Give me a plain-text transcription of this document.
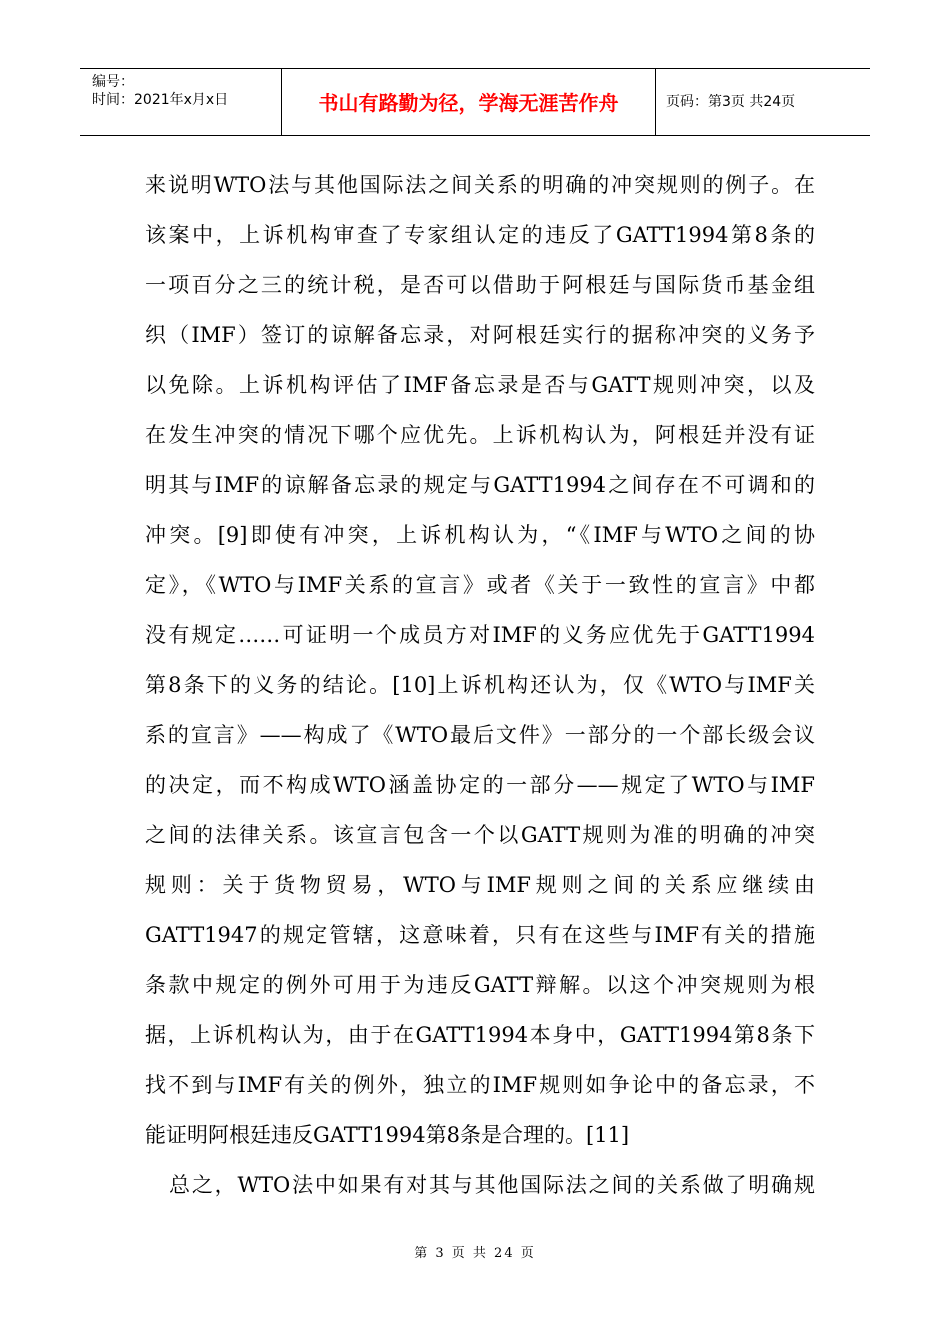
编号：
时间：2021年x月x日	书山有路勤为径，学海无涯苦作舟	页码：第3页 共24页
来说明WTO法与其他国际法之间关系的明确的冲突规则的例子。在
该案中，上诉机构审查了专家组认定的违反了GATT1994第8条的
一项百分之三的统计税，是否可以借助于阿根廷与国际货币基金组
织（IMF）签订的谅解备忘录，对阿根廷实行的据称冲突的义务予
以免除。上诉机构评估了IMF备忘录是否与GATT规则冲突，以及
在发生冲突的情况下哪个应优先。上诉机构认为，阿根廷并没有证
明其与IMF的谅解备忘录的规定与GATT1994之间存在不可调和的
冲突。[9]即使有冲突，上诉机构认为，“《IMF与WTO之间的协
定》，《WTO与IMF关系的宣言》或者《关于一致性的宣言》中都
没有规定……可证明一个成员方对IMF的义务应优先于GATT1994
第8条下的义务的结论。[10]上诉机构还认为，仅《WTO与IMF关
系的宣言》——构成了《WTO最后文件》一部分的一个部长级会议
的决定，而不构成WTO涵盖协定的一部分——规定了WTO与IMF
之间的法律关系。该宣言包含一个以GATT规则为准的明确的冲突
规则：关于货物贸易，WTO与IMF规则之间的关系应继续由
GATT1947的规定管辖，这意味着，只有在这些与IMF有关的措施
条款中规定的例外可用于为违反GATT辩解。以这个冲突规则为根
据，上诉机构认为，由于在GATT1994本身中，GATT1994第8条下
找不到与IMF有关的例外，独立的IMF规则如争论中的备忘录，不
能证明阿根廷违反GATT1994第8条是合理的。[11]
总之，WTO法中如果有对其与其他国际法之间的关系做了明确规
第 3 页 共 24 页
